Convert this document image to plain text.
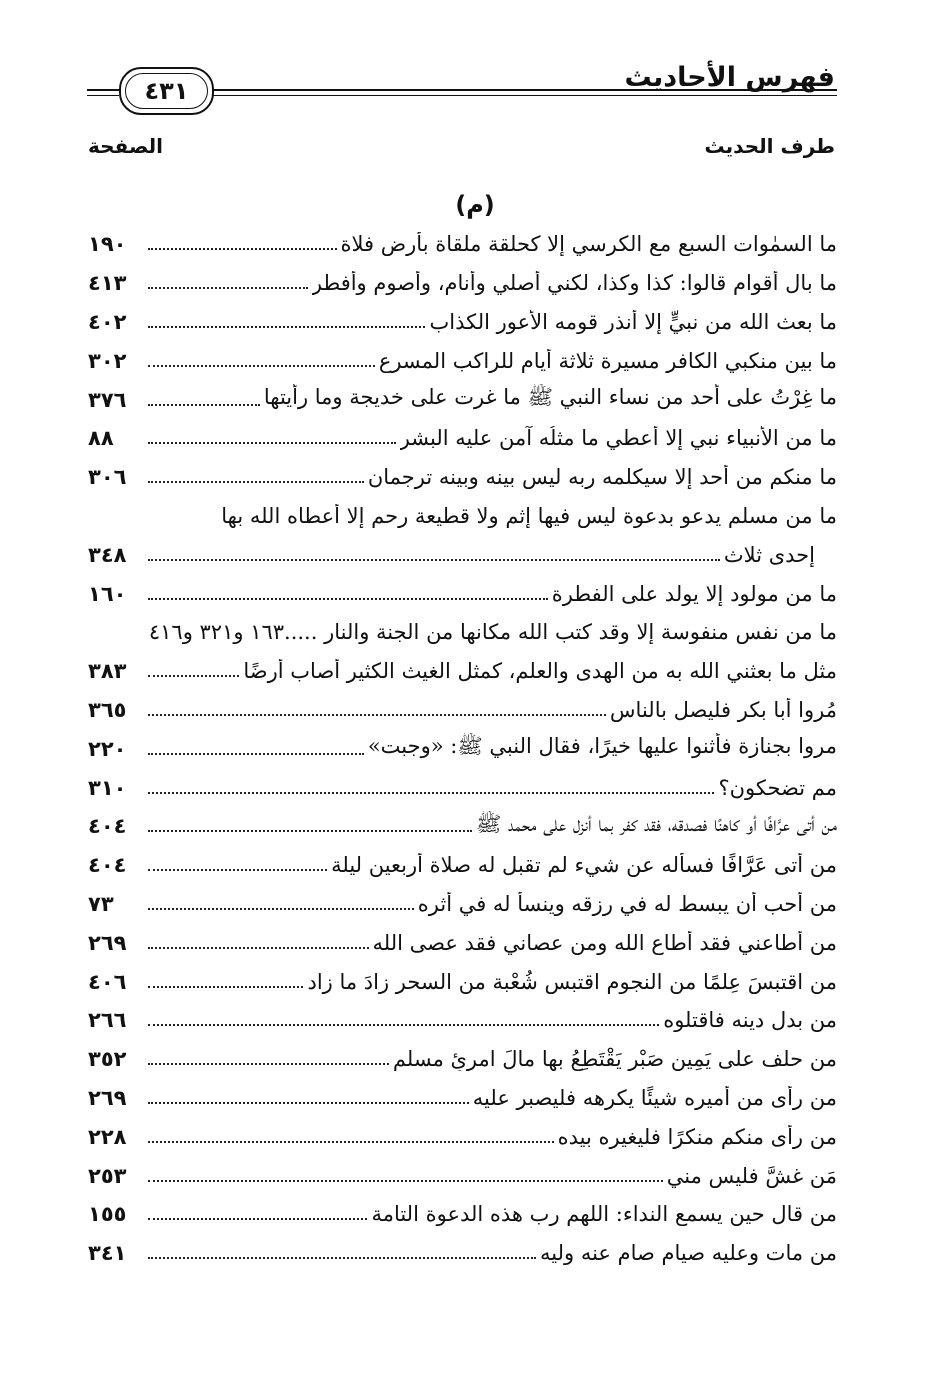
فهرس الأحاديث
٤٣١
طرف الحديث
الصفحة
(م)
١٩٠	ما السمٰوات السبع مع الكرسي إلا كحلقة ملقاة بأرض فلاة
٤١٣	ما بال أقوام قالوا: كذا وكذا، لكني أصلي وأنام، وأصوم وأفطر
٤٠٢	ما بعث الله من نبيٍّ إلا أنذر قومه الأعور الكذاب
٣٠٢	ما بين منكبي الكافر مسيرة ثلاثة أيام للراكب المسرع
٣٧٦	ما غِرْتُ على أحد من نساء النبي ﷺ ما غرت على خديجة وما رأيتها
٨٨	ما من الأنبياء نبي إلا أعطي ما مثلُه آمن عليه البشر
٣٠٦	ما منكم من أحد إلا سيكلمه ربه ليس بينه وبينه ترجمان
ما من مسلم يدعو بدعوة ليس فيها إثم ولا قطيعة رحم إلا أعطاه الله بها
٣٤٨	إحدى ثلاث
١٦٠	ما من مولود إلا يولد على الفطرة
ما من نفس منفوسة إلا وقد كتب الله مكانها من الجنة والنار .....١٦٣ و٣٢١ و٤١٦
٣٨٣	مثل ما بعثني الله به من الهدى والعلم، كمثل الغيث الكثير أصاب أرضًا
٣٦٥	مُروا أبا بكر فليصلِ بالناس
٢٢٠	مروا بجنازة فأثنوا عليها خيرًا، فقال النبي ﷺ: «وجبت»
٣١٠	مم تضحكون؟
٤٠٤	من أتى عرَّافًا أو كاهنًا فصدقه، فقد كفر بما أنزل على محمد ﷺ
٤٠٤	من أتى عَرَّافًا فسأله عن شيء لم تقبل له صلاة أربعين ليلة
٧٣	من أحب أن يبسط له في رزقه وينسأ له في أثره
٢٦٩	من أطاعني فقد أطاع الله ومن عصاني فقد عصى الله
٤٠٦	من اقتبسَ عِلمًا من النجومِ اقتبس شُعْبة من السحر زادَ ما زاد
٢٦٦	من بدل دينه فاقتلوه
٣٥٢	من حلف على يَمِينِ صَبْرٍ يَقْتَطِعُ بها مالَ امرئٍ مسلم
٢٦٩	من رأى من أميره شيئًا يكرهه فليصبر عليه
٢٢٨	من رأى منكم منكرًا فليغيره بيده
٢٥٣	مَن غشَّ فليس مني
١٥٥	من قال حين يسمع النداء: اللهم رب هذه الدعوة التامة
٣٤١	من مات وعليه صيام صام عنه وليه
